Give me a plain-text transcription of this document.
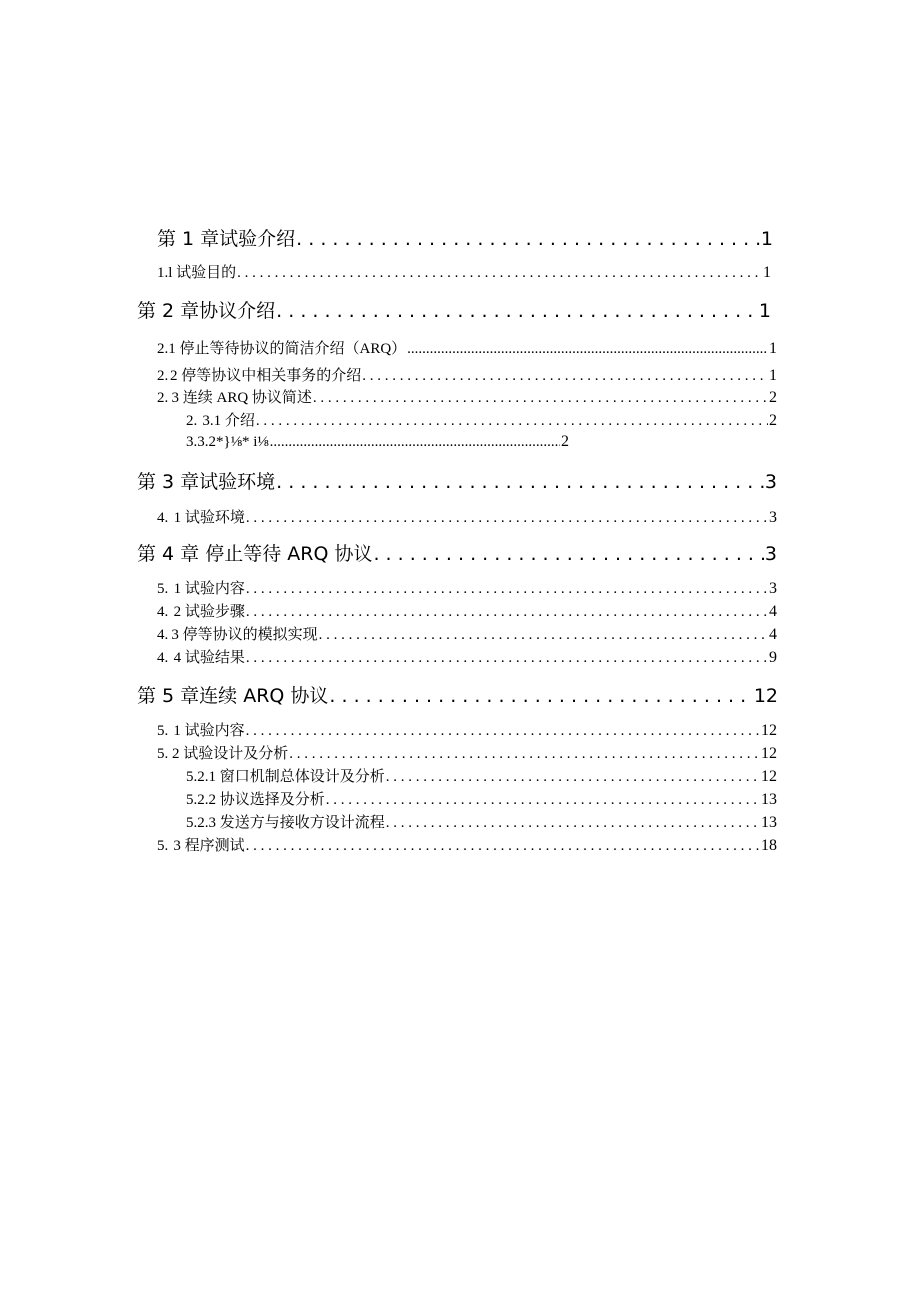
第 1 章试验介绍 . . .	1
1.l 试验目的 . . .	1
第 2 章协议介绍 . . .	1
2. 1 停止等待协议的简洁介绍（ARQ） .....	1
2. 2 停等协议中相关事务的介绍 . . .	1
2. 3 连续 ARQ 协议简述 . . .	2
2. 3.1 介绍 . . .	2
3. 3.2*}⅛* i⅛ .....	2
第 3 章试验环境 . . .	3
4. 1 试验环境 . . .	3
第 4 章 停止等待 ARQ 协议 . . .	3
5. 1 试验内容 . . .	3
4. 2 试验步骤 . . .	4
4. 3 停等协议的模拟实现 . . .	4
4. 4 试验结果 . . .	9
第 5 章连续 ARQ 协议 . . .	12
5. 1 试验内容 . . .	12
5. 2 试验设计及分析 . . .	12
5.2.1 窗口机制总体设计及分析 . . .	12
5.2.2 协议选择及分析 . . .	13
5.2.3 发送方与接收方设计流程 . . .	13
5. 3 程序测试 . . .	18
